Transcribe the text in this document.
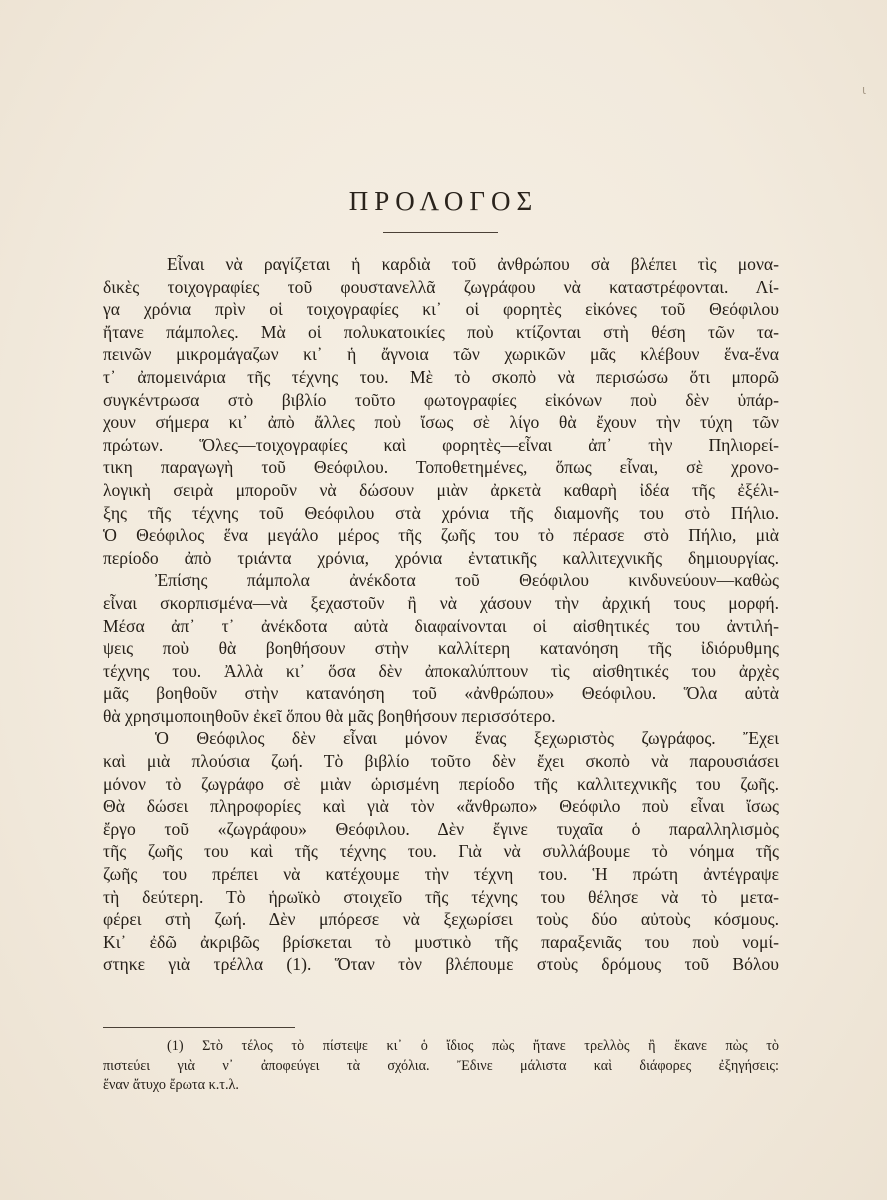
ι
ΠΡΟΛΟΓΟΣ
Εἶναι νὰ ραγίζεται ἡ καρδιὰ τοῦ ἀνθρώπου σὰ βλέπει τὶς μονα-
δικὲς τοιχογραφίες τοῦ φουστανελλᾶ ζωγράφου νὰ καταστρέφονται. Λί-
γα χρόνια πρὶν οἱ τοιχογραφίες κι᾽ οἱ φορητὲς εἰκόνες τοῦ Θεόφιλου
ἤτανε πάμπολες. Μὰ οἱ πολυκατοικίες ποὺ κτίζονται στὴ θέση τῶν τα-
πεινῶν μικρομάγαζων κι᾽ ἡ ἄγνοια τῶν χωρικῶν μᾶς κλέβουν ἕνα-ἕνα
τ᾽ ἀπομεινάρια τῆς τέχνης του. Μὲ τὸ σκοπὸ νὰ περισώσω ὅτι μπορῶ
συγκέντρωσα στὸ βιβλίο τοῦτο φωτογραφίες εἰκόνων ποὺ δὲν ὑπάρ-
χουν σήμερα κι᾽ ἀπὸ ἄλλες ποὺ ἴσως σὲ λίγο θὰ ἔχουν τὴν τύχη τῶν
πρώτων. Ὅλες—τοιχογραφίες καὶ φορητὲς—εἶναι ἀπ᾽ τὴν Πηλιορεί-
τικη παραγωγὴ τοῦ Θεόφιλου. Τοποθετημένες, ὅπως εἶναι, σὲ χρονο-
λογικὴ σειρὰ μποροῦν νὰ δώσουν μιὰν ἀρκετὰ καθαρὴ ἰδέα τῆς ἐξέλι-
ξης τῆς τέχνης τοῦ Θεόφιλου στὰ χρόνια τῆς διαμονῆς του στὸ Πήλιο.
Ὁ Θεόφιλος ἕνα μεγάλο μέρος τῆς ζωῆς του τὸ πέρασε στὸ Πήλιο, μιὰ
περίοδο ἀπὸ τριάντα χρόνια, χρόνια ἐντατικῆς καλλιτεχνικῆς δημιουργίας.
Ἐπίσης πάμπολα ἀνέκδοτα τοῦ Θεόφιλου κινδυνεύουν—καθὼς
εἶναι σκορπισμένα—νὰ ξεχαστοῦν ἢ νὰ χάσουν τὴν ἀρχική τους μορφή.
Μέσα ἀπ᾽ τ᾽ ἀνέκδοτα αὐτὰ διαφαίνονται οἱ αἰσθητικές του ἀντιλή-
ψεις ποὺ θὰ βοηθήσουν στὴν καλλίτερη κατανόηση τῆς ἰδιόρυθμης
τέχνης του. Ἀλλὰ κι᾽ ὅσα δὲν ἀποκαλύπτουν τὶς αἰσθητικές του ἀρχὲς
μᾶς βοηθοῦν στὴν κατανόηση τοῦ «ἀνθρώπου» Θεόφιλου. Ὅλα αὐτὰ
θὰ χρησιμοποιηθοῦν ἐκεῖ ὅπου θὰ μᾶς βοηθήσουν περισσότερο.
Ὁ Θεόφιλος δὲν εἶναι μόνον ἕνας ξεχωριστὸς ζωγράφος. Ἔχει
καὶ μιὰ πλούσια ζωή. Τὸ βιβλίο τοῦτο δὲν ἔχει σκοπὸ νὰ παρουσιάσει
μόνον τὸ ζωγράφο σὲ μιὰν ὡρισμένη περίοδο τῆς καλλιτεχνικῆς του ζωῆς.
Θὰ δώσει πληροφορίες καὶ γιὰ τὸν «ἄνθρωπο» Θεόφιλο ποὺ εἶναι ἴσως
ἔργο τοῦ «ζωγράφου» Θεόφιλου. Δὲν ἔγινε τυχαῖα ὁ παραλληλισμὸς
τῆς ζωῆς του καὶ τῆς τέχνης του. Γιὰ νὰ συλλάβουμε τὸ νόημα τῆς
ζωῆς του πρέπει νὰ κατέχουμε τὴν τέχνη του. Ἡ πρώτη ἀντέγραψε
τὴ δεύτερη. Τὸ ἡρωϊκὸ στοιχεῖο τῆς τέχνης του θέλησε νὰ τὸ μετα-
φέρει στὴ ζωή. Δὲν μπόρεσε νὰ ξεχωρίσει τοὺς δύο αὐτοὺς κόσμους.
Κι᾽ ἐδῶ ἀκριβῶς βρίσκεται τὸ μυστικὸ τῆς παραξενιᾶς του ποὺ νομί-
στηκε γιὰ τρέλλα (1). Ὅταν τὸν βλέπουμε στοὺς δρόμους τοῦ Βόλου
(1) Στὸ τέλος τὸ πίστεψε κι᾽ ὁ ἴδιος πὼς ἤτανε τρελλὸς ἢ ἔκανε πὼς τὸ
πιστεύει γιὰ ν᾽ ἀποφεύγει τὰ σχόλια. Ἔδινε μάλιστα καὶ διάφορες ἐξηγήσεις:
ἕναν ἄτυχο ἔρωτα κ.τ.λ.
